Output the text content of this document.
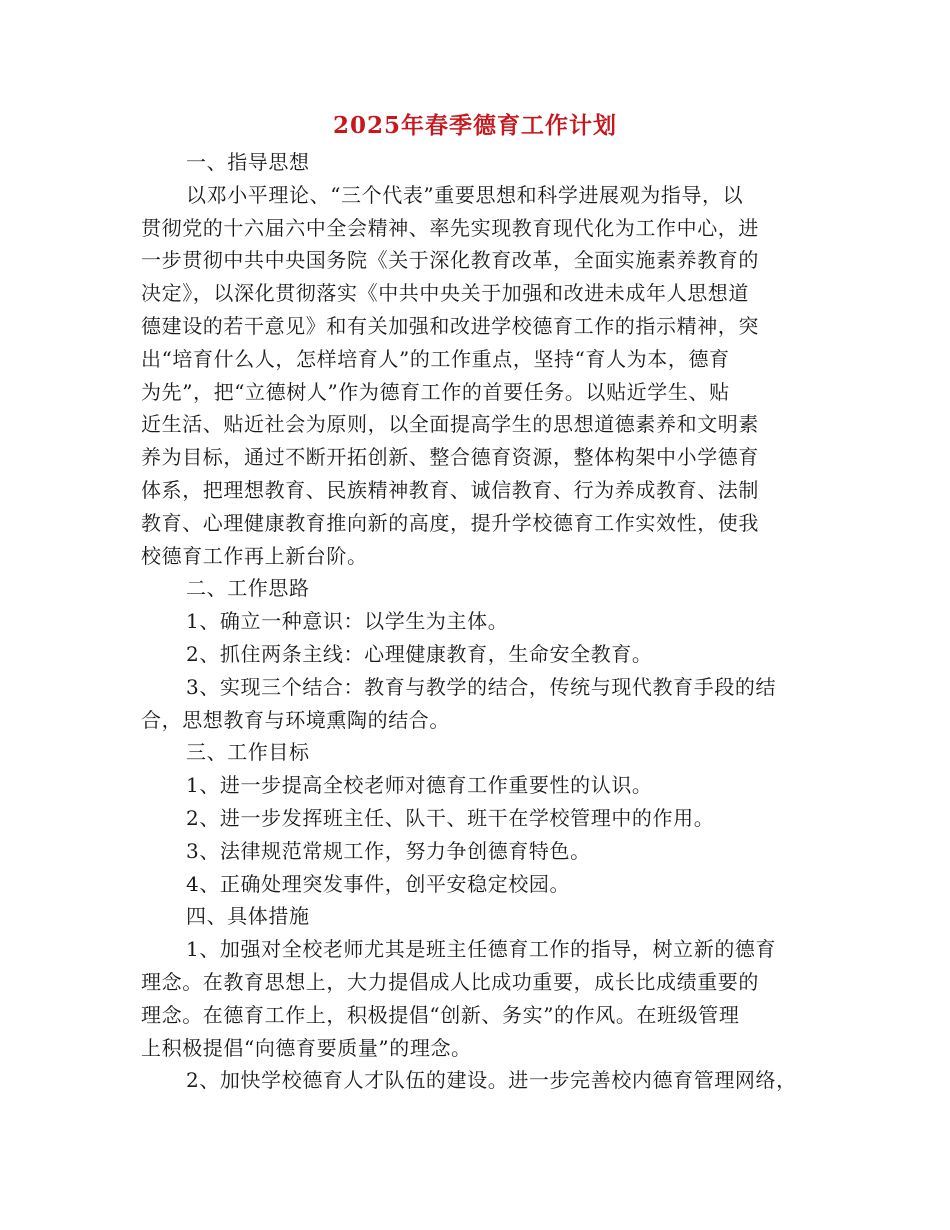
2025年春季德育工作计划
一、指导思想
以邓小平理论、“三个代表”重要思想和科学进展观为指导，以
贯彻党的十六届六中全会精神、率先实现教育现代化为工作中心，进
一步贯彻中共中央国务院《关于深化教育改革，全面实施素养教育的
决定》，以深化贯彻落实《中共中央关于加强和改进未成年人思想道
德建设的若干意见》和有关加强和改进学校德育工作的指示精神，突
出“培育什么人，怎样培育人”的工作重点，坚持“育人为本，德育
为先”，把“立德树人”作为德育工作的首要任务。以贴近学生、贴
近生活、贴近社会为原则，以全面提高学生的思想道德素养和文明素
养为目标，通过不断开拓创新、整合德育资源，整体构架中小学德育
体系，把理想教育、民族精神教育、诚信教育、行为养成教育、法制
教育、心理健康教育推向新的高度，提升学校德育工作实效性，使我
校德育工作再上新台阶。
二、工作思路
1、确立一种意识：以学生为主体。
2、抓住两条主线：心理健康教育，生命安全教育。
3、实现三个结合：教育与教学的结合，传统与现代教育手段的结
合，思想教育与环境熏陶的结合。
三、工作目标
1、进一步提高全校老师对德育工作重要性的认识。
2、进一步发挥班主任、队干、班干在学校管理中的作用。
3、法律规范常规工作，努力争创德育特色。
4、正确处理突发事件，创平安稳定校园。
四、具体措施
1、加强对全校老师尤其是班主任德育工作的指导，树立新的德育
理念。在教育思想上，大力提倡成人比成功重要，成长比成绩重要的
理念。在德育工作上，积极提倡“创新、务实”的作风。在班级管理
上积极提倡“向德育要质量”的理念。
2、加快学校德育人才队伍的建设。进一步完善校内德育管理网络，
